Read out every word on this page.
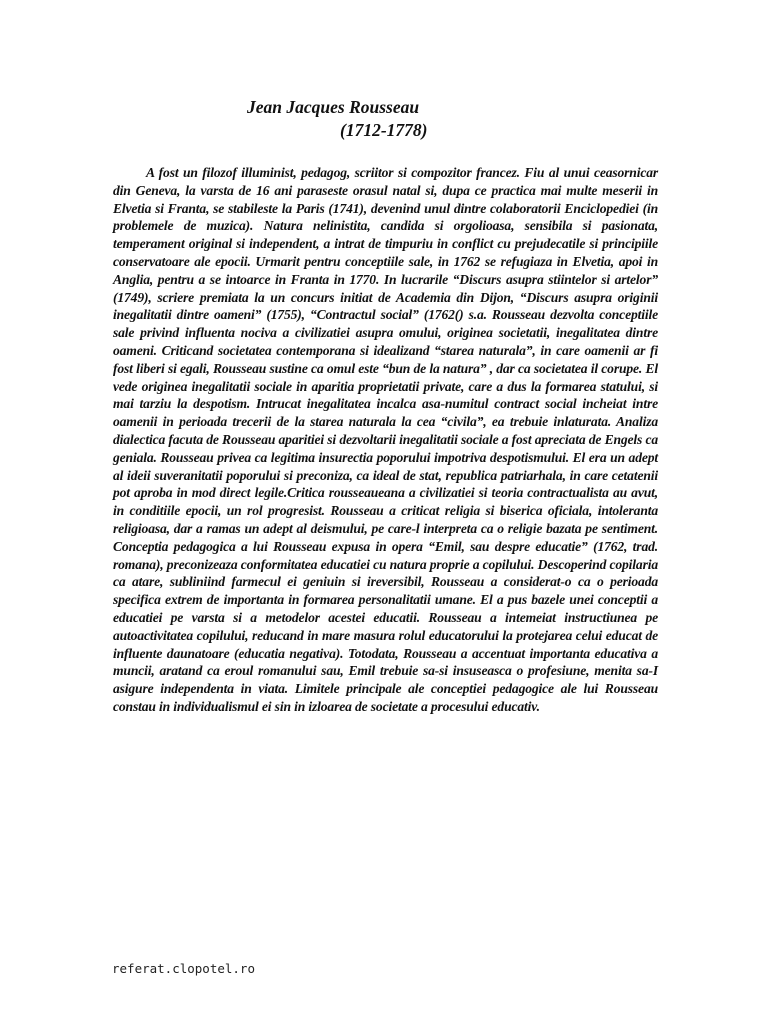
Jean Jacques Rousseau
(1712-1778)

A fost un filozof illuminist, pedagog, scriitor si compozitor francez. Fiu al unui ceasornicar din Geneva, la varsta de 16 ani paraseste orasul natal si, dupa ce practica mai multe meserii in Elvetia si Franta, se stabileste la Paris (1741), devenind unul dintre colaboratorii Enciclopediei (in problemele de muzica). Natura nelinistita, candida si orgolioasa, sensibila si pasionata, temperament original si independent, a intrat de timpuriu in conflict cu prejudecatile si principiile conservatoare ale epocii. Urmarit pentru conceptiile sale, in 1762 se refugiaza in Elvetia, apoi in Anglia, pentru a se intoarce in Franta in 1770. In lucrarile “Discurs asupra stiintelor si artelor” (1749), scriere premiata la un concurs initiat de Academia din Dijon, “Discurs asupra originii inegalitatii dintre oameni” (1755), “Contractul social” (1762() s.a. Rousseau dezvolta conceptiile sale privind influenta nociva a civilizatiei asupra omului, originea societatii, inegalitatea dintre oameni. Criticand societatea contemporana si idealizand “starea naturala”, in care oamenii ar fi fost liberi si egali, Rousseau sustine ca omul este “bun de la natura” , dar ca societatea il corupe. El vede originea inegalitatii sociale in aparitia proprietatii private, care a dus la formarea statului, si mai tarziu la despotism. Intrucat inegalitatea incalca asa-numitul contract social incheiat intre oamenii in perioada trecerii de la starea naturala la cea “civila”, ea trebuie inlaturata. Analiza dialectica facuta de Rousseau aparitiei si dezvoltarii inegalitatii sociale a fost apreciata de Engels ca geniala. Rousseau privea ca legitima insurectia poporului impotriva despotismului. El era un adept al ideii suveranitatii poporului si preconiza, ca ideal de stat, republica patriarhala, in care cetatenii pot aproba in mod direct legile.Critica rousseaueana a civilizatiei si teoria contractualista au avut, in conditiile epocii, un rol progresist. Rousseau a criticat religia si biserica oficiala, intoleranta religioasa, dar a ramas un adept al deismului, pe care-l interpreta ca o religie bazata pe sentiment. Conceptia pedagogica a lui Rousseau expusa in opera “Emil, sau despre educatie” (1762, trad. romana), preconizeaza conformitatea educatiei cu natura proprie a copilului. Descoperind copilaria ca atare, subliniind farmecul ei geniuin si ireversibil, Rousseau a considerat-o ca o perioada specifica extrem de importanta in formarea personalitatii umane. El a pus bazele unei conceptii a educatiei pe varsta si a metodelor acestei educatii. Rousseau a intemeiat instructiunea pe autoactivitatea copilului, reducand in mare masura rolul educatorului la protejarea celui educat de influente daunatoare (educatia negativa). Totodata, Rousseau a accentuat importanta educativa a muncii, aratand ca eroul romanului sau, Emil trebuie sa-si insuseasca o profesiune, menita sa-I asigure independenta in viata. Limitele principale ale conceptiei pedagogice ale lui Rousseau constau in individualismul ei sin in izloarea de societate a procesului educativ.

referat.clopotel.ro
